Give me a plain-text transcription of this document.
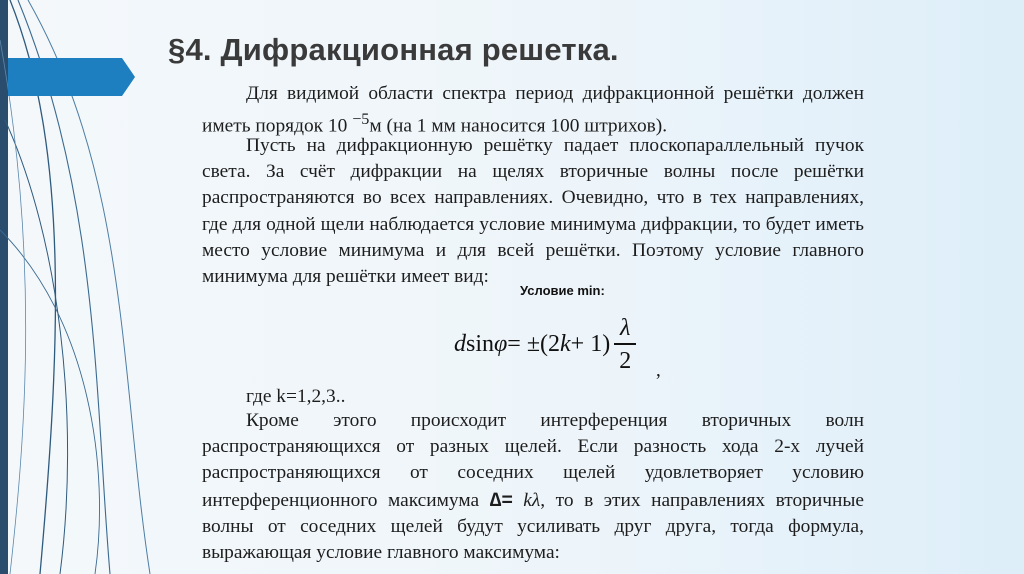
§4. Дифракционная решетка.

Для видимой области спектра период дифракционной решётки должен иметь порядок 10 $^{-5}$м (на 1 мм наносится 100 штрихов).

Пусть на дифракционную решётку падает плоскопараллельный пучок света. За счёт дифракции на щелях вторичные волны после решётки распространяются во всех направлениях. Очевидно, что в тех направлениях, где для одной щели наблюдается условие минимума дифракции, то будет иметь место условие минимума и для всей решётки. Поэтому условие главного минимума для решётки имеет вид:

Условие min:
d sin φ = ±(2 $k + 1) \frac{\lambda}{2}$ ,

где k=1,2,3..

Кроме этого происходит интерференция вторичных волн распространяющихся от разных щелей. Если разность хода 2-х лучей распространяющихся от соседних щелей удовлетворяет условию интерференционного максимума ∆= kλ, то в этих направлениях вторичные волны от соседних щелей будут усиливать друг друга, тогда формула, выражающая условие главного максимума:
